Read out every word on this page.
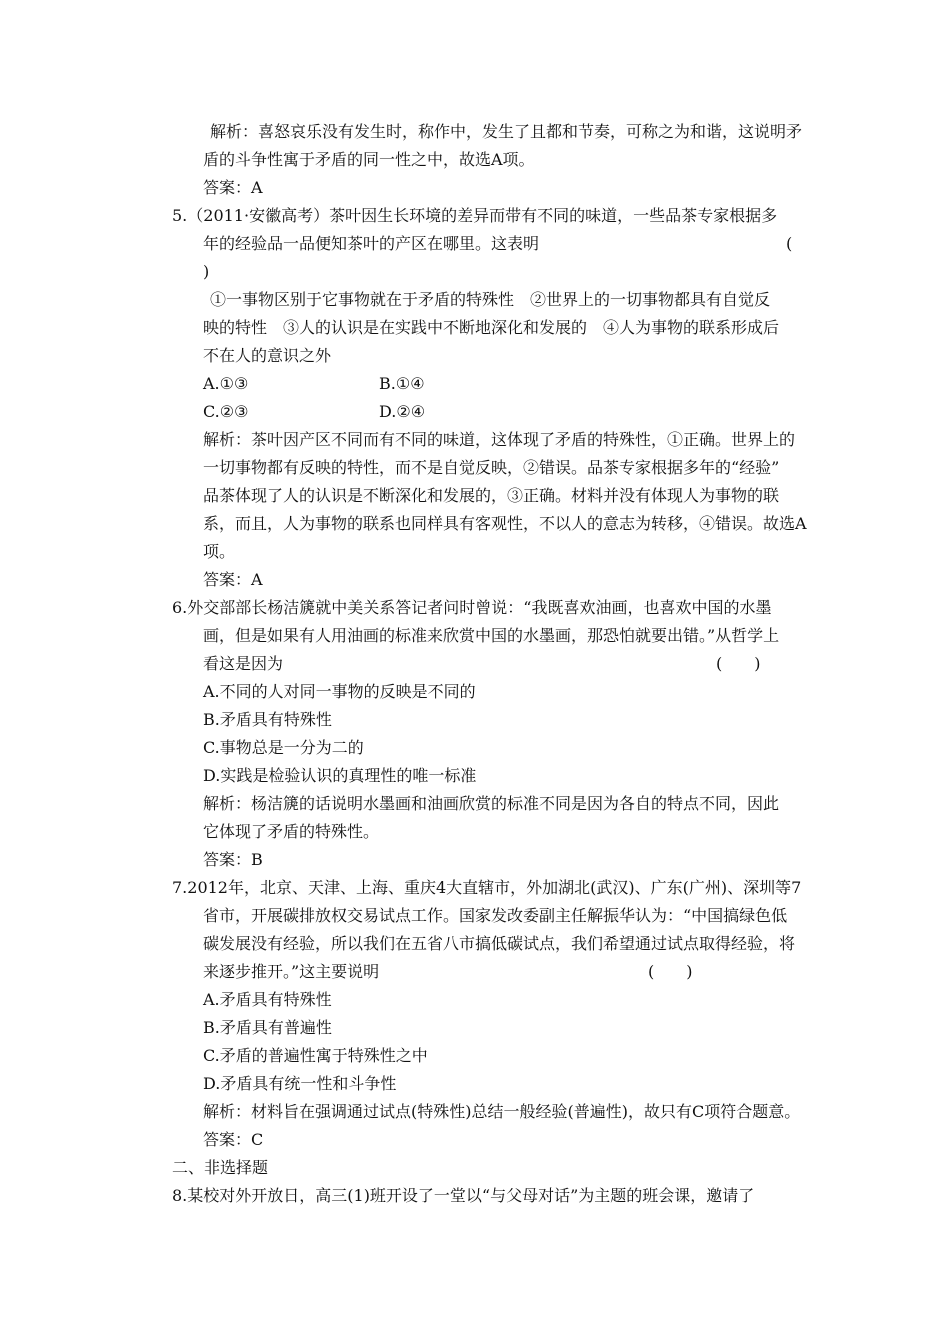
解析：喜怒哀乐没有发生时，称作中，发生了且都和节奏，可称之为和谐，这说明矛
盾的斗争性寓于矛盾的同一性之中，故选A项。
答案：A
5.（2011·安徽高考）茶叶因生长环境的差异而带有不同的味道，一些品茶专家根据多
年的经验品一品便知茶叶的产区在哪里。这表明	(
)
①一事物区别于它事物就在于矛盾的特殊性　②世界上的一切事物都具有自觉反
映的特性　③人的认识是在实践中不断地深化和发展的　④人为事物的联系形成后
不在人的意识之外
A.①③	B.①④
C.②③	D.②④
解析：茶叶因产区不同而有不同的味道，这体现了矛盾的特殊性，①正确。世界上的
一切事物都有反映的特性，而不是自觉反映，②错误。品茶专家根据多年的“经验”
品茶体现了人的认识是不断深化和发展的，③正确。材料并没有体现人为事物的联
系，而且，人为事物的联系也同样具有客观性，不以人的意志为转移，④错误。故选A
项。
答案：A
6.外交部部长杨洁篪就中美关系答记者问时曾说：“我既喜欢油画，也喜欢中国的水墨
画，但是如果有人用油画的标准来欣赏中国的水墨画，那恐怕就要出错。”从哲学上
看这是因为	(　　)
A.不同的人对同一事物的反映是不同的
B.矛盾具有特殊性
C.事物总是一分为二的
D.实践是检验认识的真理性的唯一标准
解析：杨洁篪的话说明水墨画和油画欣赏的标准不同是因为各自的特点不同，因此
它体现了矛盾的特殊性。
答案：B
7.2012年，北京、天津、上海、重庆4大直辖市，外加湖北(武汉)、广东(广州)、深圳等7
省市，开展碳排放权交易试点工作。国家发改委副主任解振华认为：“中国搞绿色低
碳发展没有经验，所以我们在五省八市搞低碳试点，我们希望通过试点取得经验，将
来逐步推开。”这主要说明	(　　)
A.矛盾具有特殊性
B.矛盾具有普遍性
C.矛盾的普遍性寓于特殊性之中
D.矛盾具有统一性和斗争性
解析：材料旨在强调通过试点(特殊性)总结一般经验(普遍性)，故只有C项符合题意。
答案：C
二、非选择题
8.某校对外开放日，高三(1)班开设了一堂以“与父母对话”为主题的班会课，邀请了
